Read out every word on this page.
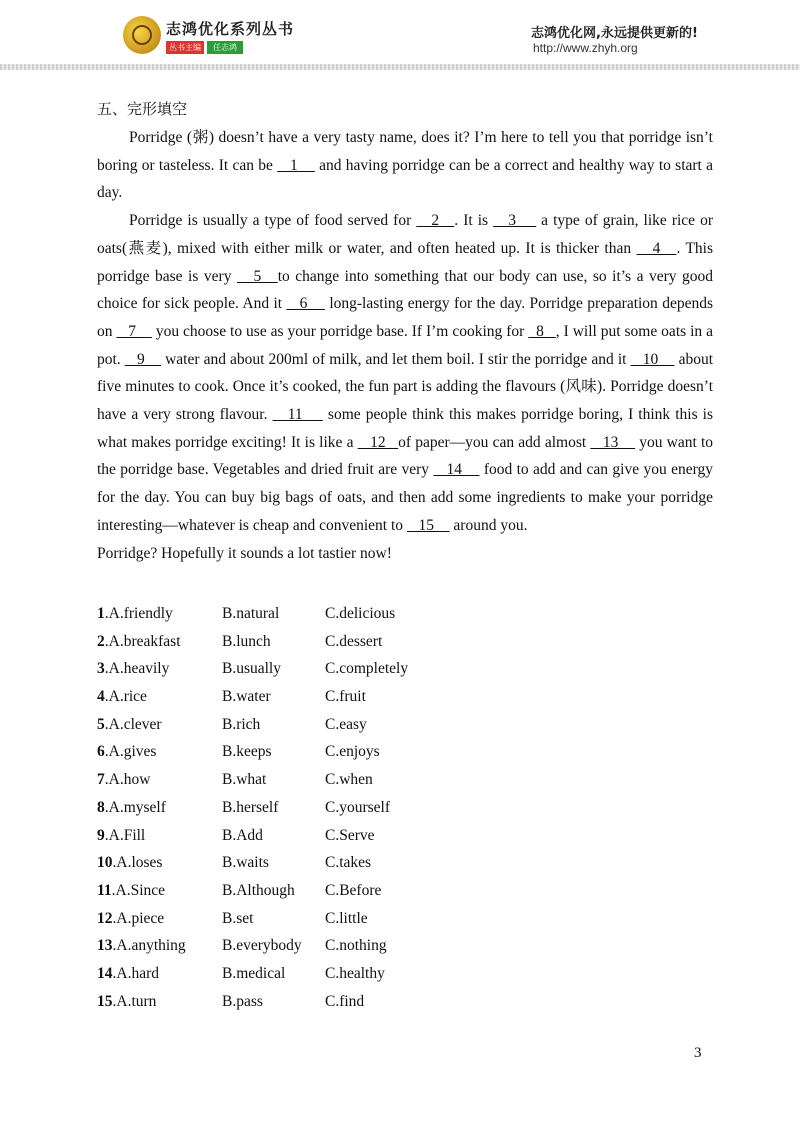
志鸿优化系列丛书
丛书主编 任志鸿
志鸿优化网,永远提供更新的!
http://www.zhyh.org
五、完形填空

Porridge (粥) doesn’t have a very tasty name, does it? I’m here to tell you that porridge isn’t boring or tasteless. It can be    1     and having porridge can be a correct and healthy way to start a day.

Porridge is usually a type of food served for    2   . It is    3     a type of grain, like rice or oats(燕麦), mixed with either milk or water, and often heated up. It is thicker than    4   . This porridge base is very    5   to change into something that our body can use, so it’s a very good choice for sick people. And it    6     long-lasting energy for the day. Porridge preparation depends on    7     you choose to use as your porridge base. If I’m cooking for   8   , I will put some oats in a pot.    9     water and about 200ml of milk, and let them boil. I stir the porridge and it    10     about five minutes to cook. Once it’s cooked, the fun part is adding the flavours (风味). Porridge doesn’t have a very strong flavour.    11     some people think this makes porridge boring, I think this is what makes porridge exciting! It is like a    12   of paper—you can add almost    13     you want to the porridge base. Vegetables and dried fruit are very    14     food to add and can give you energy for the day. You can buy big bags of oats, and then add some ingredients to make your porridge interesting—whatever is cheap and convenient to    15     around you.

Porridge? Hopefully it sounds a lot tastier now!

1.A.friendly	B.natural	C.delicious
2.A.breakfast	B.lunch	C.dessert
3.A.heavily	B.usually	C.completely
4.A.rice	B.water	C.fruit
5.A.clever	B.rich	C.easy
6.A.gives	B.keeps	C.enjoys
7.A.how	B.what	C.when
8.A.myself	B.herself	C.yourself
9.A.Fill	B.Add	C.Serve
10.A.loses	B.waits	C.takes
11.A.Since	B.Although C.Before
12.A.piece	B.set	C.little
13.A.anything B.everybody C.nothing
14.A.hard	B.medical	C.healthy
15.A.turn	B.pass	C.find
3
